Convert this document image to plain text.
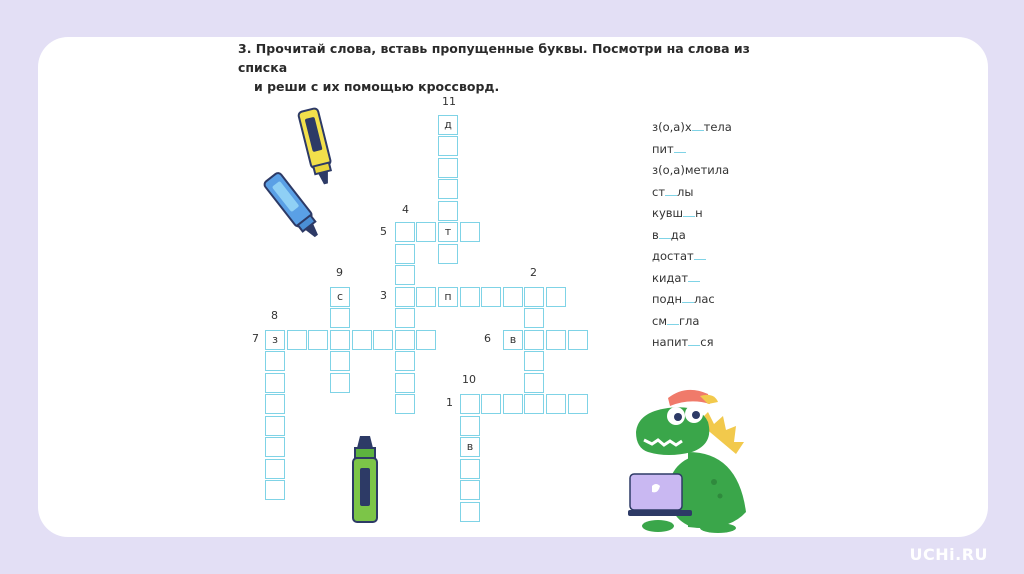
3. Прочитай слова, вставь пропущенные буквы. Посмотри на слова из списка
и реши с их помощью кроссворд.

д
т
с	п
з	в
в
11
4
5
9	2
3
8
7	6
10
1
з(о,а)х тела
пит
з(о,а)метила
ст лы
кувш н
в да
достат
кидат
подн лас
см гла
напит ся
UCHi.RU
